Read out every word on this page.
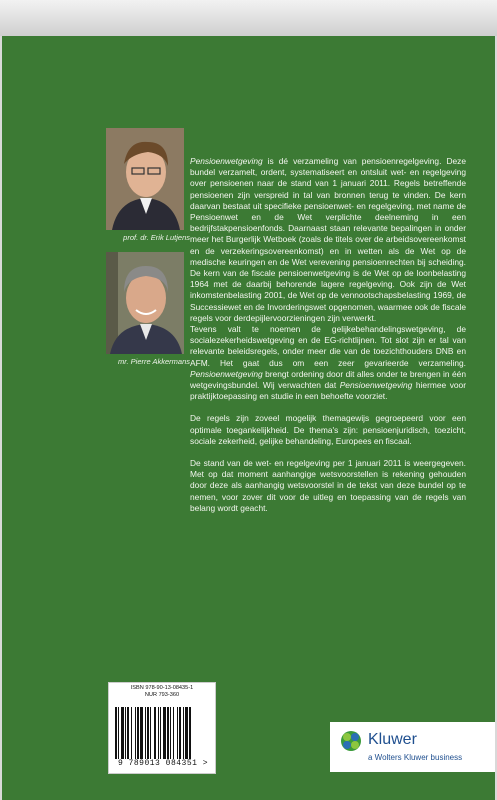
prof. dr. Erik Lutjens
mr. Pierre Akkermans

Pensioenwetgeving is dé verzameling van pensioenregelgeving. Deze bundel verzamelt, ordent, systematiseert en ontsluit wet- en regelgeving over pensioenen naar de stand van 1 januari 2011. Regels betreffende pensioenen zijn verspreid in tal van bronnen terug te vinden. De kern daarvan bestaat uit specifieke pensioenwet- en regelgeving, met name de Pensioenwet en de Wet verplichte deelneming in een bedrijfstakpensioenfonds. Daarnaast staan relevante bepalingen in onder meer het Burgerlijk Wetboek (zoals de titels over de arbeidsovereenkomst en de verzekeringsovereenkomst) en in wetten als de Wet op de medische keuringen en de Wet verevening pensioenrechten bij scheiding. De kern van de fiscale pensioenwetgeving is de Wet op de loonbelasting 1964 met de daarbij behorende lagere regelgeving. Ook zijn de Wet inkomstenbelasting 2001, de Wet op de vennootschapsbelasting 1969, de Successiewet en de Invorderingswet opgenomen, waarmee ook de fiscale regels voor derdepijlervoorzieningen zijn verwerkt.

Tevens valt te noemen de gelijkebehandelingswetgeving, de socialezekerheidswetgeving en de EG-richtlijnen. Tot slot zijn er tal van relevante beleidsregels, onder meer die van de toezichthouders DNB en AFM. Het gaat dus om een zeer gevarieerde verzameling. Pensioenwetgeving brengt ordening door dit alles onder te brengen in één wetgevingsbundel. Wij verwachten dat Pensioenwetgeving hiermee voor praktijktoepassing en studie in een behoefte voorziet.

De regels zijn zoveel mogelijk themagewijs gegroepeerd voor een optimale toegankelijkheid. De thema's zijn: pensioenjuridisch, toezicht, sociale zekerheid, gelijke behandeling, Europees en fiscaal.

De stand van de wet- en regelgeving per 1 januari 2011 is weergegeven. Met op dat moment aanhangige wetsvoorstellen is rekening gehouden door deze als aanhangig wetsvoorstel in de tekst van deze bundel op te nemen, voor zover dit voor de uitleg en toepassing van de regels van belang wordt geacht.

ISBN 978-90-13-08435-1
NUR 793-360
9 789013 084351 >
Kluwer
a Wolters Kluwer business
